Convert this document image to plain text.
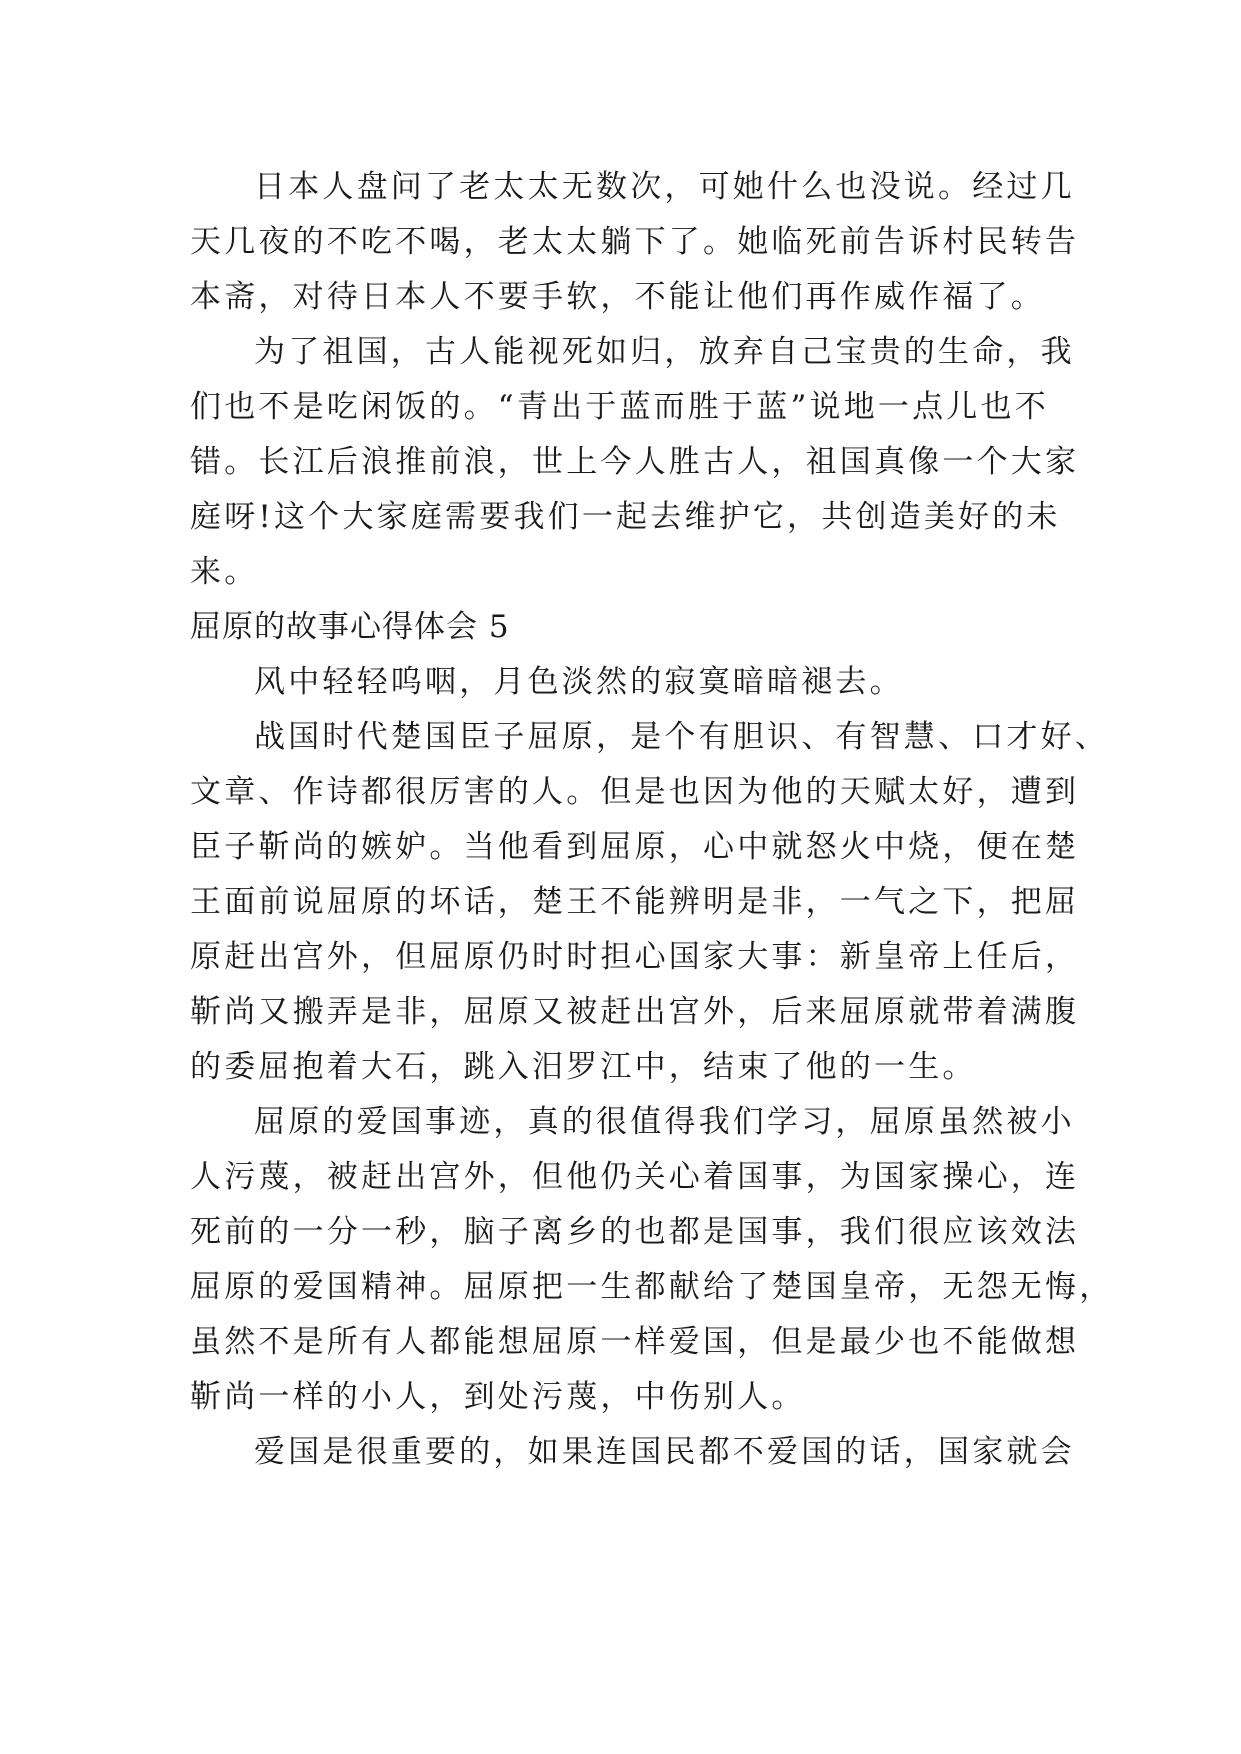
日本人盘问了老太太无数次，可她什么也没说。经过几
天几夜的不吃不喝，老太太躺下了。她临死前告诉村民转告
本斋，对待日本人不要手软，不能让他们再作威作福了。
为了祖国，古人能视死如归，放弃自己宝贵的生命，我
们也不是吃闲饭的。“青出于蓝而胜于蓝”说地一点儿也不
错。长江后浪推前浪，世上今人胜古人，祖国真像一个大家
庭呀!这个大家庭需要我们一起去维护它，共创造美好的未
来。
屈原的故事心得体会 5
风中轻轻呜咽，月色淡然的寂寞暗暗褪去。
战国时代楚国臣子屈原，是个有胆识、有智慧、口才好、
文章、作诗都很厉害的人。但是也因为他的天赋太好，遭到
臣子靳尚的嫉妒。当他看到屈原，心中就怒火中烧，便在楚
王面前说屈原的坏话，楚王不能辨明是非，一气之下，把屈
原赶出宫外，但屈原仍时时担心国家大事：新皇帝上任后，
靳尚又搬弄是非，屈原又被赶出宫外，后来屈原就带着满腹
的委屈抱着大石，跳入汨罗江中，结束了他的一生。
屈原的爱国事迹，真的很值得我们学习，屈原虽然被小
人污蔑，被赶出宫外，但他仍关心着国事，为国家操心，连
死前的一分一秒，脑子离乡的也都是国事，我们很应该效法
屈原的爱国精神。屈原把一生都献给了楚国皇帝，无怨无悔，
虽然不是所有人都能想屈原一样爱国，但是最少也不能做想
靳尚一样的小人，到处污蔑，中伤别人。
爱国是很重要的，如果连国民都不爱国的话，国家就会
